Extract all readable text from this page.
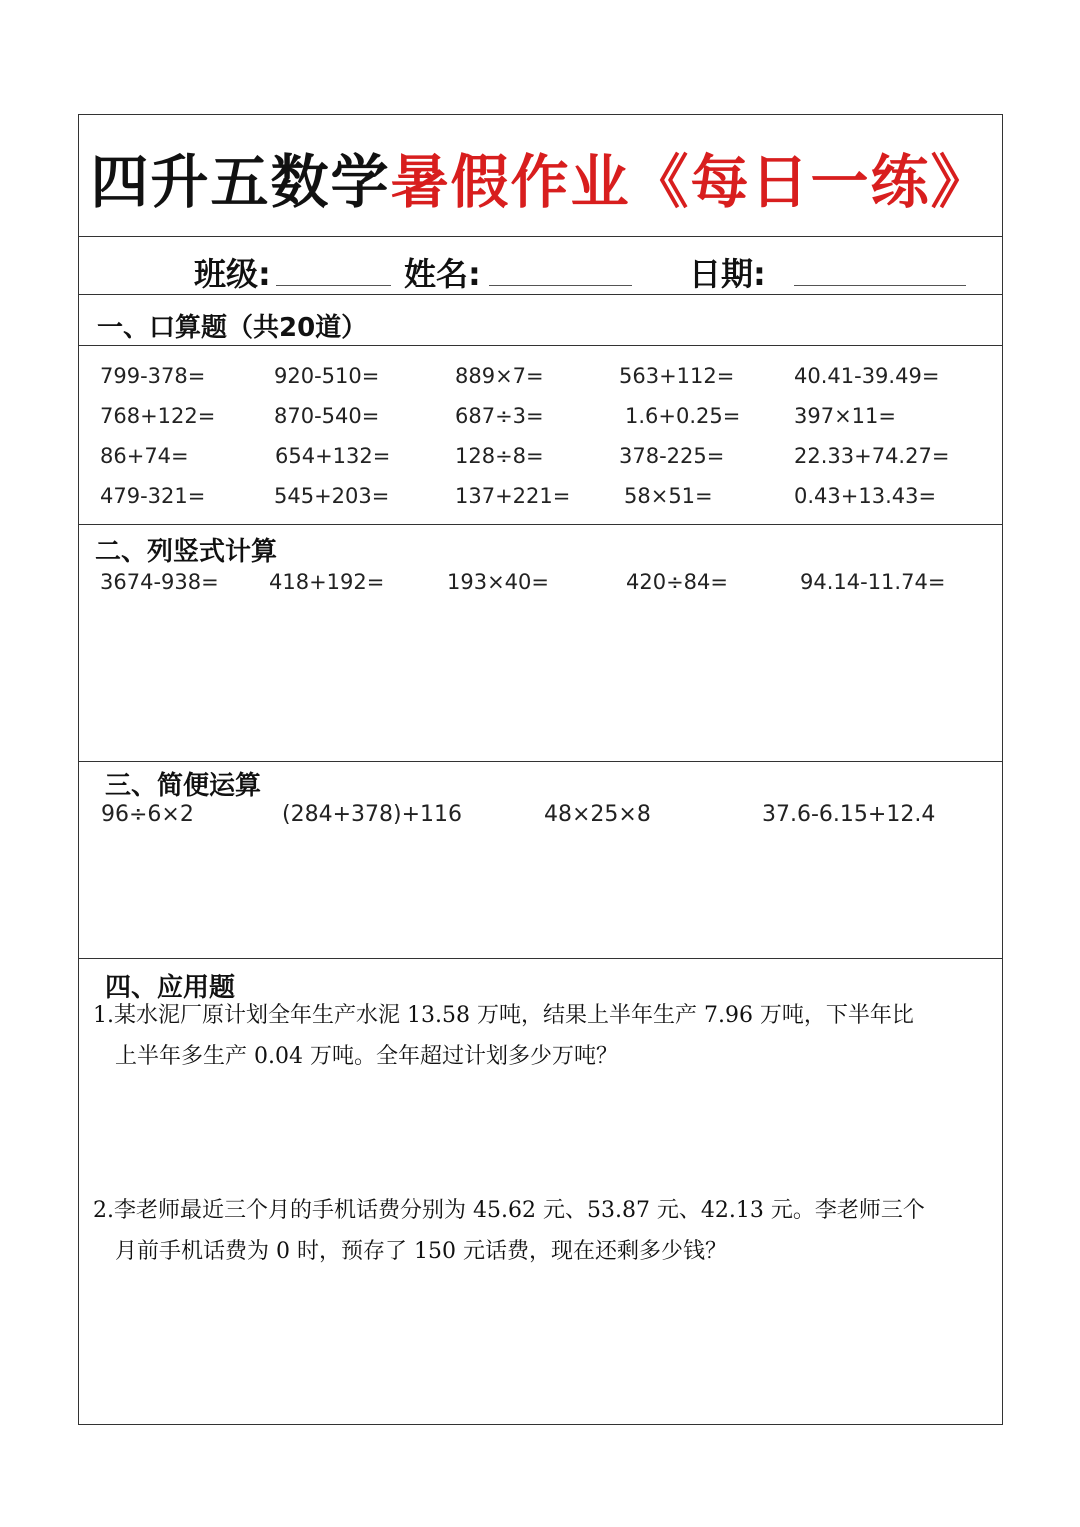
四升五数学暑假作业《每日一练》
班级:	姓名:	日期:
一、口算题（共20道）
799-378=	920-510=	889×7=	563+112=	40.41-39.49=
768+122=	870-540=	687÷3=	1.6+0.25=	397×11=
86+74=	654+132=	128÷8=	378-225=	22.33+74.27=
479-321=	545+203=	137+221=	58×51=	0.43+13.43=
二、列竖式计算
3674-938= 418+192=	193×40=	420÷84=	94.14-11.74=
三、简便运算
96÷6×2	(284+378)+116	48×25×8	37.6-6.15+12.4
四、应用题
1.某水泥厂原计划全年生产水泥 13.58 万吨，结果上半年生产 7.96 万吨，下半年比
上半年多生产 0.04 万吨。全年超过计划多少万吨？
2.李老师最近三个月的手机话费分别为 45.62 元、53.87 元、42.13 元。李老师三个
月前手机话费为 0 时，预存了 150 元话费，现在还剩多少钱？
